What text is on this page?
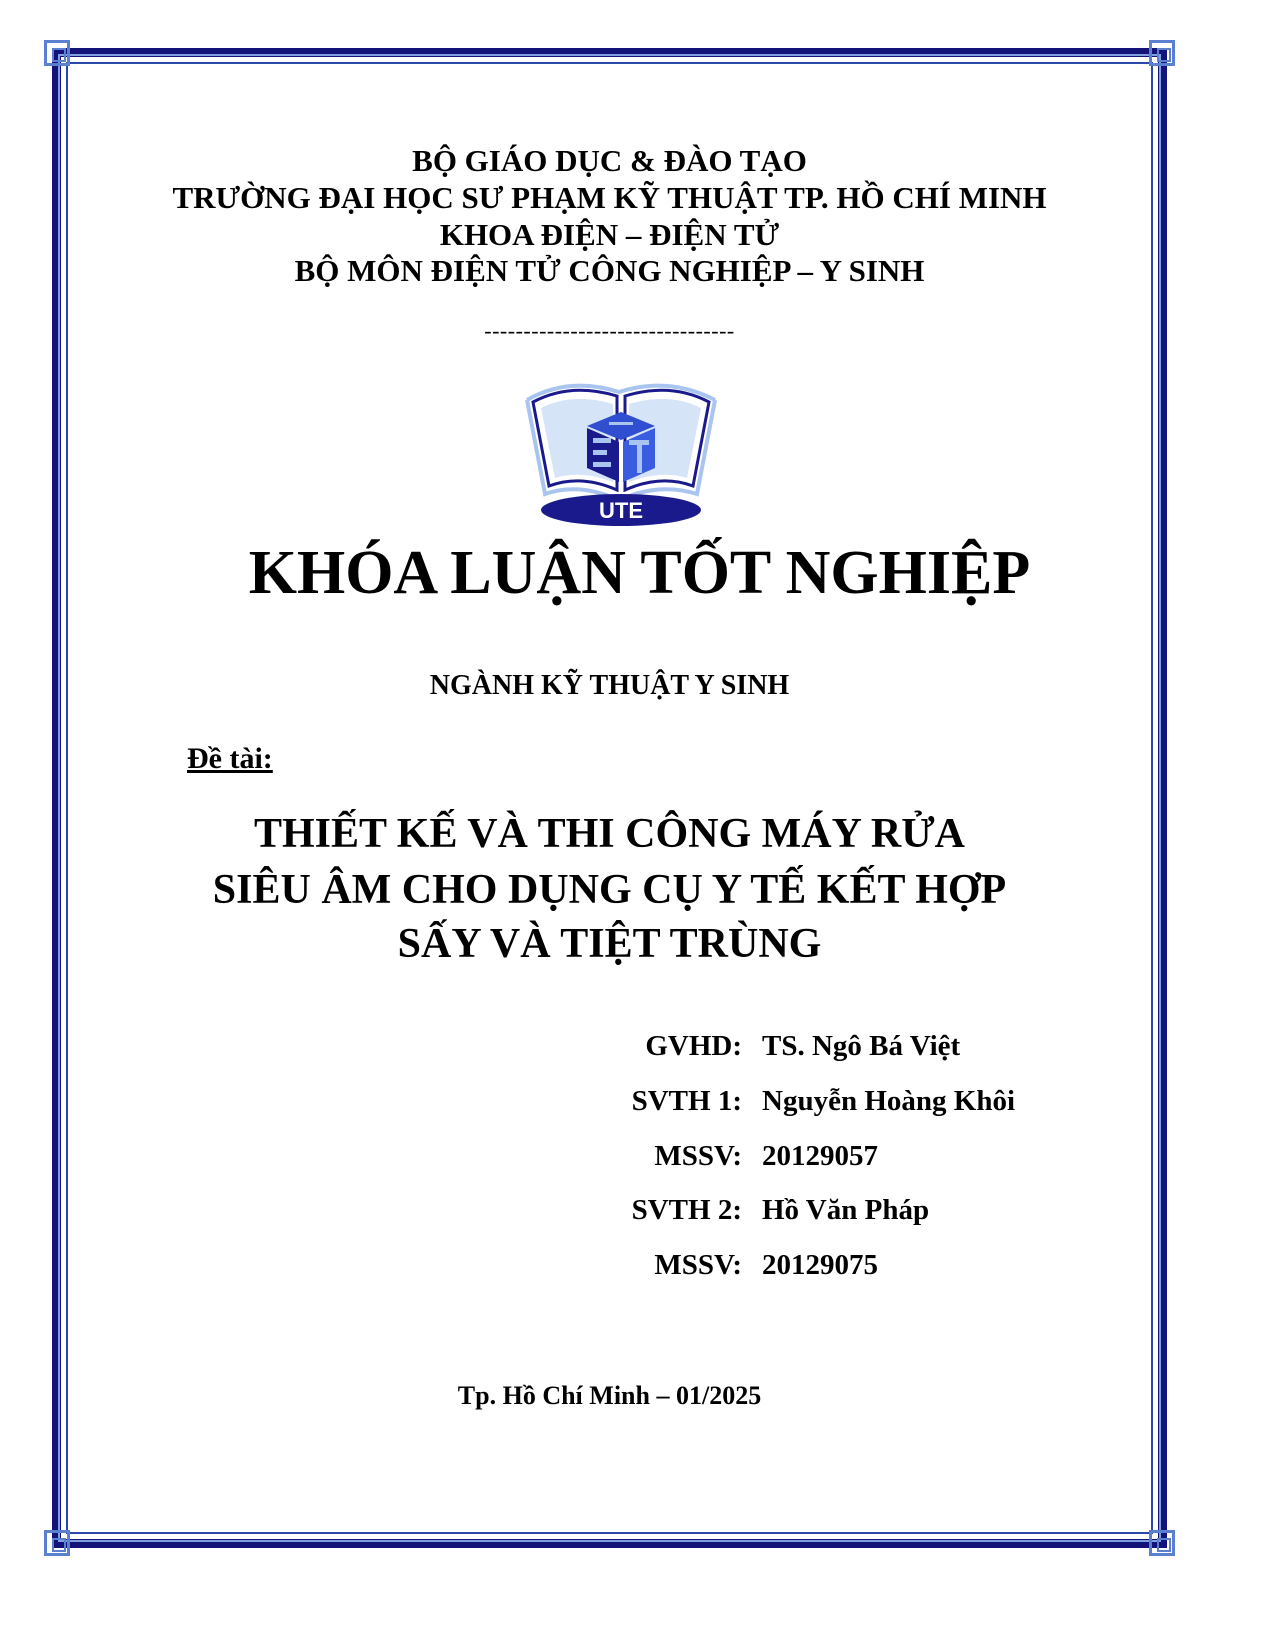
BỘ GIÁO DỤC & ĐÀO TẠO
TRƯỜNG ĐẠI HỌC SƯ PHẠM KỸ THUẬT TP. HỒ CHÍ MINH
KHOA ĐIỆN – ĐIỆN TỬ
BỘ MÔN ĐIỆN TỬ CÔNG NGHIỆP – Y SINH
--------------------------------
UTE
KHÓA LUẬN TỐT NGHIỆP
NGÀNH KỸ THUẬT Y SINH
Đề tài:
THIẾT KẾ VÀ THI CÔNG MÁY RỬA
SIÊU ÂM CHO DỤNG CỤ Y TẾ KẾT HỢP
SẤY VÀ TIỆT TRÙNG
GVHD: TS. Ngô Bá Việt
SVTH 1: Nguyễn Hoàng Khôi
MSSV: 20129057
SVTH 2: Hồ Văn Pháp
MSSV: 20129075
Tp. Hồ Chí Minh – 01/2025
